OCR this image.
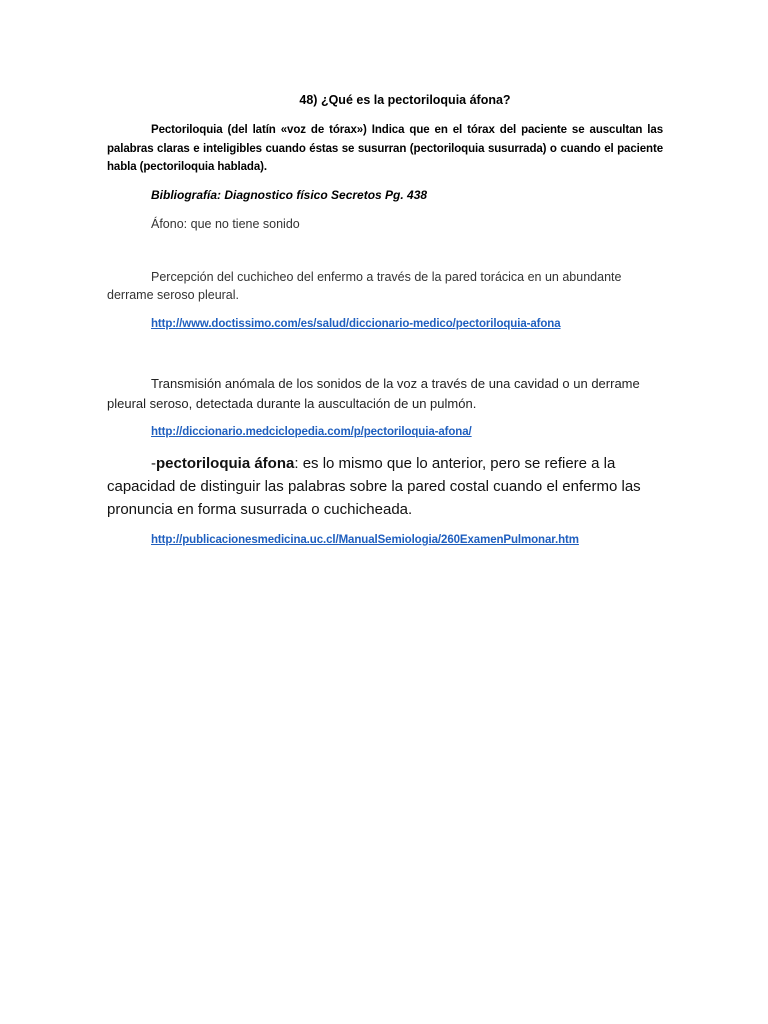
48) ¿Qué es la pectoriloquia áfona?
Pectoriloquia (del latín «voz de tórax») Indica que en el tórax del paciente se auscultan las palabras claras e inteligibles cuando éstas se susurran (pectoriloquia susurrada) o cuando el paciente habla (pectoriloquia hablada).
Bibliografía: Diagnostico físico Secretos Pg. 438
Áfono: que no tiene sonido
Percepción del cuchicheo del enfermo a través de la pared torácica en un abundante derrame seroso pleural.
http://www.doctissimo.com/es/salud/diccionario-medico/pectoriloquia-afona
Transmisión anómala de los sonidos de la voz a través de una cavidad o un derrame pleural seroso, detectada durante la auscultación de un pulmón.
http://diccionario.medciclopedia.com/p/pectoriloquia-afona/
-pectoriloquia áfona: es lo mismo que lo anterior, pero se refiere a la capacidad de distinguir las palabras sobre la pared costal cuando el enfermo las pronuncia en forma susurrada o cuchicheada.
http://publicacionesmedicina.uc.cl/ManualSemiologia/260ExamenPulmonar.htm
